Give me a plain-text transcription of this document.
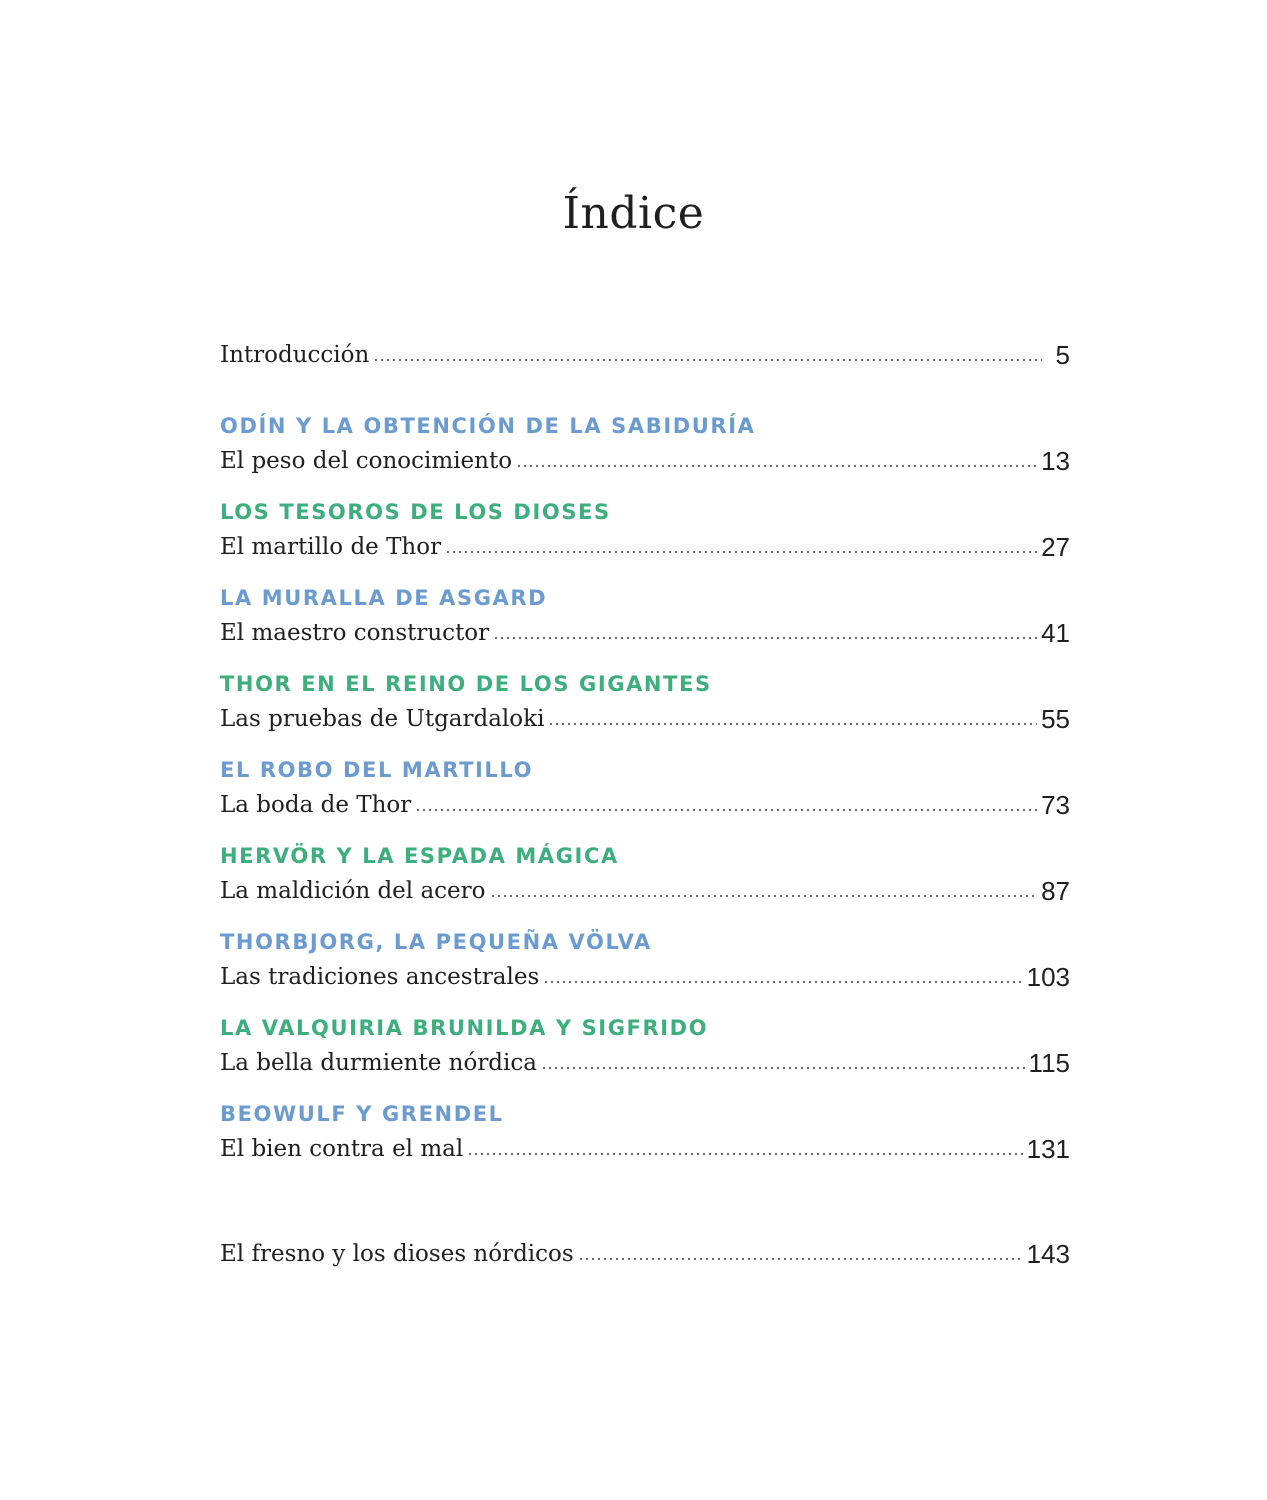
Índice
Introducción	5
ODÍN Y LA OBTENCIÓN DE LA SABIDURÍA
El peso del conocimiento	13
LOS TESOROS DE LOS DIOSES
El martillo de Thor	27
LA MURALLA DE ASGARD
El maestro constructor	41
THOR EN EL REINO DE LOS GIGANTES
Las pruebas de Utgardaloki	55
EL ROBO DEL MARTILLO
La boda de Thor	73
HERVÖR Y LA ESPADA MÁGICA
La maldición del acero	87
THORBJORG, LA PEQUEÑA VÖLVA
Las tradiciones ancestrales	103
LA VALQUIRIA BRUNILDA Y SIGFRIDO
La bella durmiente nórdica	115
BEOWULF Y GRENDEL
El bien contra el mal	131
El fresno y los dioses nórdicos	143
